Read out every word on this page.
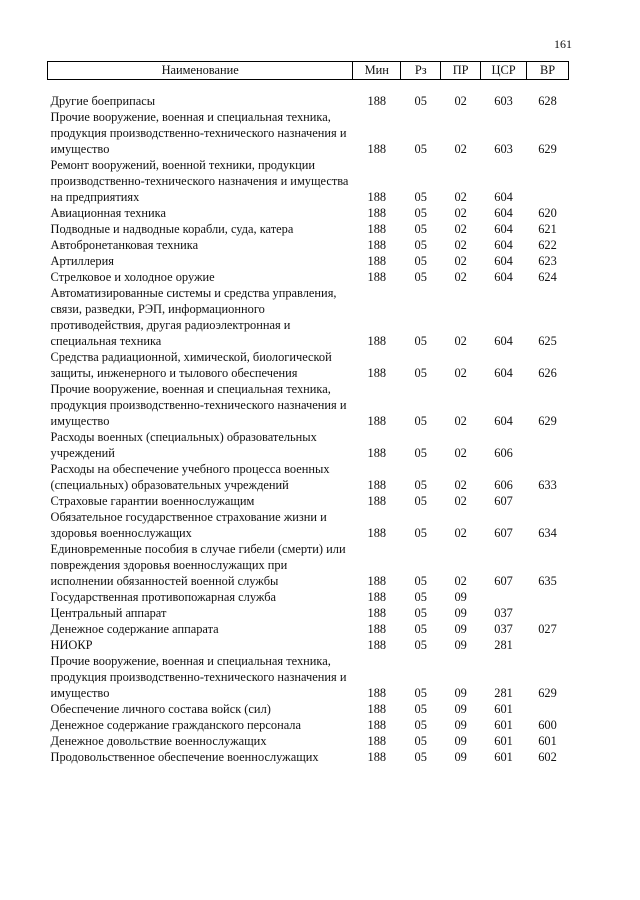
161
Наименование	Мин	Рз	ПР	ЦСР	ВР

Другие боеприпасы	188	05	02	603	628
Прочие вооружение, военная и специальная техника, продукция производственно-технического назначения и имущество	188	05	02	603	629
Ремонт вооружений, военной техники, продукции производственно-технического назначения и имущества на предприятиях	188	05	02	604	
Авиационная техника	188	05	02	604	620
Подводные и надводные корабли, суда, катера	188	05	02	604	621
Автобронетанковая техника	188	05	02	604	622
Артиллерия	188	05	02	604	623
Стрелковое и холодное оружие	188	05	02	604	624
Автоматизированные системы и средства управления, связи, разведки, РЭП, информационного противодействия, другая радиоэлектронная и специальная техника	188	05	02	604	625
Средства радиационной, химической, биологической защиты, инженерного и тылового обеспечения	188	05	02	604	626
Прочие вооружение, военная и специальная техника, продукция производственно-технического назначения и имущество	188	05	02	604	629
Расходы военных (специальных) образовательных учреждений	188	05	02	606	
Расходы на обеспечение учебного процесса военных (специальных) образовательных учреждений	188	05	02	606	633
Страховые гарантии военнослужащим	188	05	02	607	
Обязательное государственное страхование жизни и здоровья военнослужащих	188	05	02	607	634
Единовременные пособия в случае гибели (смерти) или повреждения здоровья военнослужащих при исполнении обязанностей военной службы	188	05	02	607	635
Государственная противопожарная служба	188	05	09		
Центральный аппарат	188	05	09	037	
Денежное содержание аппарата	188	05	09	037	027
НИОКР	188	05	09	281	
Прочие вооружение, военная и специальная техника, продукция производственно-технического назначения и имущество	188	05	09	281	629
Обеспечение личного состава войск (сил)	188	05	09	601	
Денежное содержание гражданского персонала	188	05	09	601	600
Денежное довольствие военнослужащих	188	05	09	601	601
Продовольственное обеспечение военнослужащих	188	05	09	601	602
